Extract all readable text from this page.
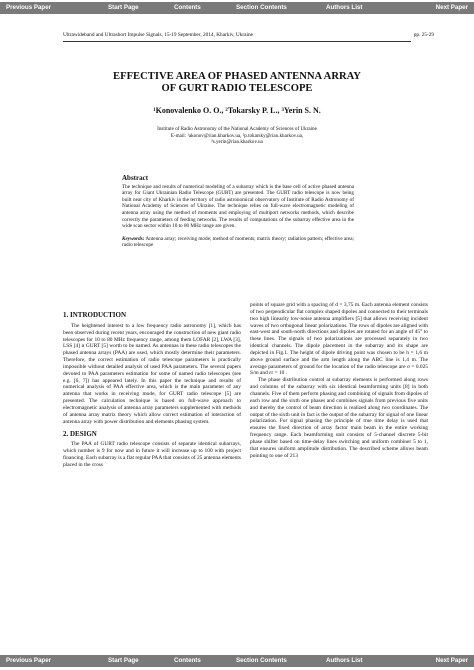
Previous Paper	Start Page	Contents	Section Contents	Authors List	Next Paper
Ultrawideband and Ultrashort Impulse Signals, 15-19 September, 2014, Kharkiv, Ukraine	pp. 25-29
EFFECTIVE AREA OF PHASED ANTENNA ARRAY
OF GURT RADIO TELESCOPE
¹Konovalenko O. O., ²Tokarsky P. L., ³Yerin S. N.
Institute of Radio Astronomy of the National Academy of Sciences of Ukraine
E-mail: ¹akonov@rian.kharkov.ua, ²p.tokarsky@rian.kharkov.ua,
³s.yerin@rian.kharkov.ua
Abstract

The technique and results of numerical modeling of a subarray which is the base cell of active phased antenna array for Giant Ukrainian Radio Telescope (GURT) are presented. The GURT radio telescope is now being built near city of Kharkiv in the territory of radio astronomical observatory of Institute of Radio Astronomy of National Academy of Sciences of Ukraine. The technique relies on full-wave electromagnetic modeling of antenna array using the method of moments and employing of multiport networks methods, which describe correctly the parameters of feeding networks. The results of computations of the subarray effective area in the wide scan sector within 10 to 80 MHz range are given.

Keywords: Antenna array; receiving mode; method of moments; matrix theory; radiation pattern; effective area; radio telescope

1. INTRODUCTION

The heightened interest to a low frequency radio astronomy [1], which has been observed during recent years, encouraged the construction of new giant radio telescopes for 10 to 80 MHz frequency range, among them LOFAR [2], LWA [3], LSS [4] и GURT [5] worth to be named. As antennas in these radio telescopes the phased antenna arrays (PAA) are used, which mostly determine their parameters. Therefore, the correct estimation of radio telescope parameters is practically impossible without detailed analysis of used PAA parameters. The several papers devoted to PAA parameters estimation for some of named radio telescopes (see e.g. [6, 7]) has appeared lately. In this paper the technique and results of numerical analysis of PAA effective area, which is the main parameter of any antenna that works in receiving mode, for GURT radio telescope [5] are presented. The calculation technique is based on full-wave approach to electromagnetic analysis of antenna array parameters supplemented with methods of antenna array matrix theory which allow correct estimation of interaction of antenna array with power distribution and elements phasing system.

2. DESIGN

The PAA of GURT radio telescope consists of separate identical subarrays, which number is 9 for now and in future it will increase up to 100 with project financing. Each subarray is a flat regular PAA that consists of 25 antenna elements placed in the cross

points of square grid with a spacing of d = 3,75 m. Each antenna element consists of two perpendicular flat complex shaped dipoles and connected to their terminals two high linearity low-noise antenna amplifiers [5] that allows receiving incident waves of two orthogonal linear polarizations. The rows of dipoles are aligned with east-west and south-north directions and dipoles are rotated for an angle of 45° to these lines. The signals of two polarizations are processed separately in two identical channels. The dipole placement in the subarray and its shape are depicted in Fig.1. The height of dipole driving point was chosen to be h = 1,6 m above ground surface and the arm length along the ABC line is 1,4 m. The average parameters of ground for the location of the radio telescope are σ = 0.025 S/m and εr = 10 .

The phase distribution control at subarray elements is performed along rows and columns of the subarray with six identical beamforming units [8] in both channels. Five of them perform phasing and combining of signals from dipoles of each row and the sixth one phases and combines signals from previous five units and thereby the control of beam direction is realized along two coordinates. The output of the sixth unit in fact is the output of the subarray for signal of one linear polarization. For signal phasing the principle of true time delay is used that ensures the fixed direction of array factor main beam in the entire working frequency range. Each beamforming unit consists of 5-channel discrete 5-bit phase shifter based on time-delay lines switching and uniform combiner 5 to 1, that ensures uniform amplitude distribution. The described scheme allows beam pointing to one of 213

Previous Paper	Start Page	Contents	Section Contents	Authors List	Next Paper
